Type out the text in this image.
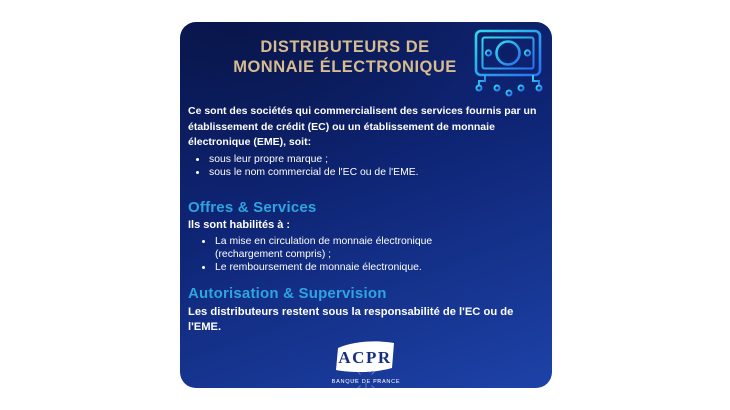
DISTRIBUTEURS DE
MONNAIE ÉLECTRONIQUE

Ce sont des sociétés qui commercialisent des services fournis par un établissement de crédit (EC) ou un établissement de monnaie électronique (EME), soit:

• sous leur propre marque ;
• sous le nom commercial de l'EC ou de l'EME.
Offres & Services

Ils sont habilités à :

• La mise en circulation de monnaie électronique (rechargement compris) ;
• Le remboursement de monnaie électronique.
Autorisation & Supervision

Les distributeurs restent sous la responsabilité de l'EC ou de l'EME.

ACPR
BANQUE DE FRANCE
